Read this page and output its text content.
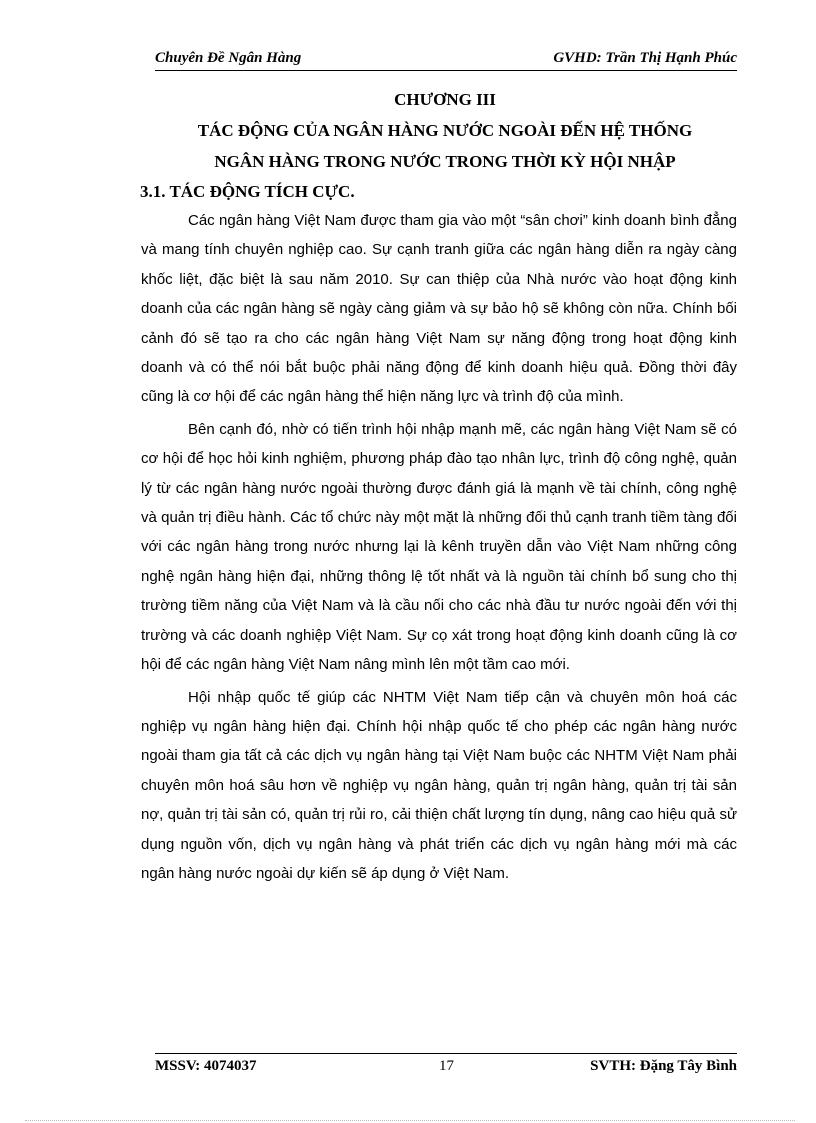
Chuyên Đề Ngân Hàng	GVHD: Trần Thị Hạnh Phúc
CHƯƠNG III
TÁC ĐỘNG CỦA NGÂN HÀNG NƯỚC NGOÀI ĐẾN HỆ THỐNG
NGÂN HÀNG TRONG NƯỚC TRONG THỜI KỲ HỘI NHẬP
3.1. TÁC ĐỘNG TÍCH CỰC.

Các ngân hàng Việt Nam được tham gia vào một “sân chơi” kinh doanh bình đẳng và mang tính chuyên nghiệp cao. Sự cạnh tranh giữa các ngân hàng diễn ra ngày càng khốc liệt, đặc biệt là sau năm 2010. Sự can thiệp của Nhà nước vào hoạt động kinh doanh của các ngân hàng sẽ ngày càng giảm và sự bảo hộ sẽ không còn nữa. Chính bối cảnh đó sẽ tạo ra cho các ngân hàng Việt Nam sự năng động trong hoạt động kinh doanh và có thể nói bắt buộc phải năng động để kinh doanh hiệu quả. Đồng thời đây cũng là cơ hội để các ngân hàng thể hiện năng lực và trình độ của mình.

Bên cạnh đó, nhờ có tiến trình hội nhập mạnh mẽ, các ngân hàng Việt Nam sẽ có cơ hội để học hỏi kinh nghiệm, phương pháp đào tạo nhân lực, trình độ công nghệ, quản lý từ các ngân hàng nước ngoài thường được đánh giá là mạnh về tài chính, công nghệ và quản trị điều hành. Các tổ chức này một mặt là những đối thủ cạnh tranh tiềm tàng đối với các ngân hàng trong nước nhưng lại là kênh truyền dẫn vào Việt Nam những công nghệ ngân hàng hiện đại, những thông lệ tốt nhất và là nguồn tài chính bổ sung cho thị trường tiềm năng của Việt Nam và là cầu nối cho các nhà đầu tư nước ngoài đến với thị trường và các doanh nghiệp Việt Nam. Sự cọ xát trong hoạt động kinh doanh cũng là cơ hội để các ngân hàng Việt Nam nâng mình lên một tầm cao mới.

Hội nhập quốc tế giúp các NHTM Việt Nam tiếp cận và chuyên môn hoá các nghiệp vụ ngân hàng hiện đại. Chính hội nhập quốc tế cho phép các ngân hàng nước ngoài tham gia tất cả các dịch vụ ngân hàng tại Việt Nam buộc các NHTM Việt Nam phải chuyên môn hoá sâu hơn về nghiệp vụ ngân hàng, quản trị ngân hàng, quản trị tài sản nợ, quản trị tài sản có, quản trị rủi ro, cải thiện chất lượng tín dụng, nâng cao hiệu quả sử dụng nguồn vốn, dịch vụ ngân hàng và phát triển các dịch vụ ngân hàng mới mà các ngân hàng nước ngoài dự kiến sẽ áp dụng ở Việt Nam.

MSSV: 4074037	17	SVTH: Đặng Tây Bình
